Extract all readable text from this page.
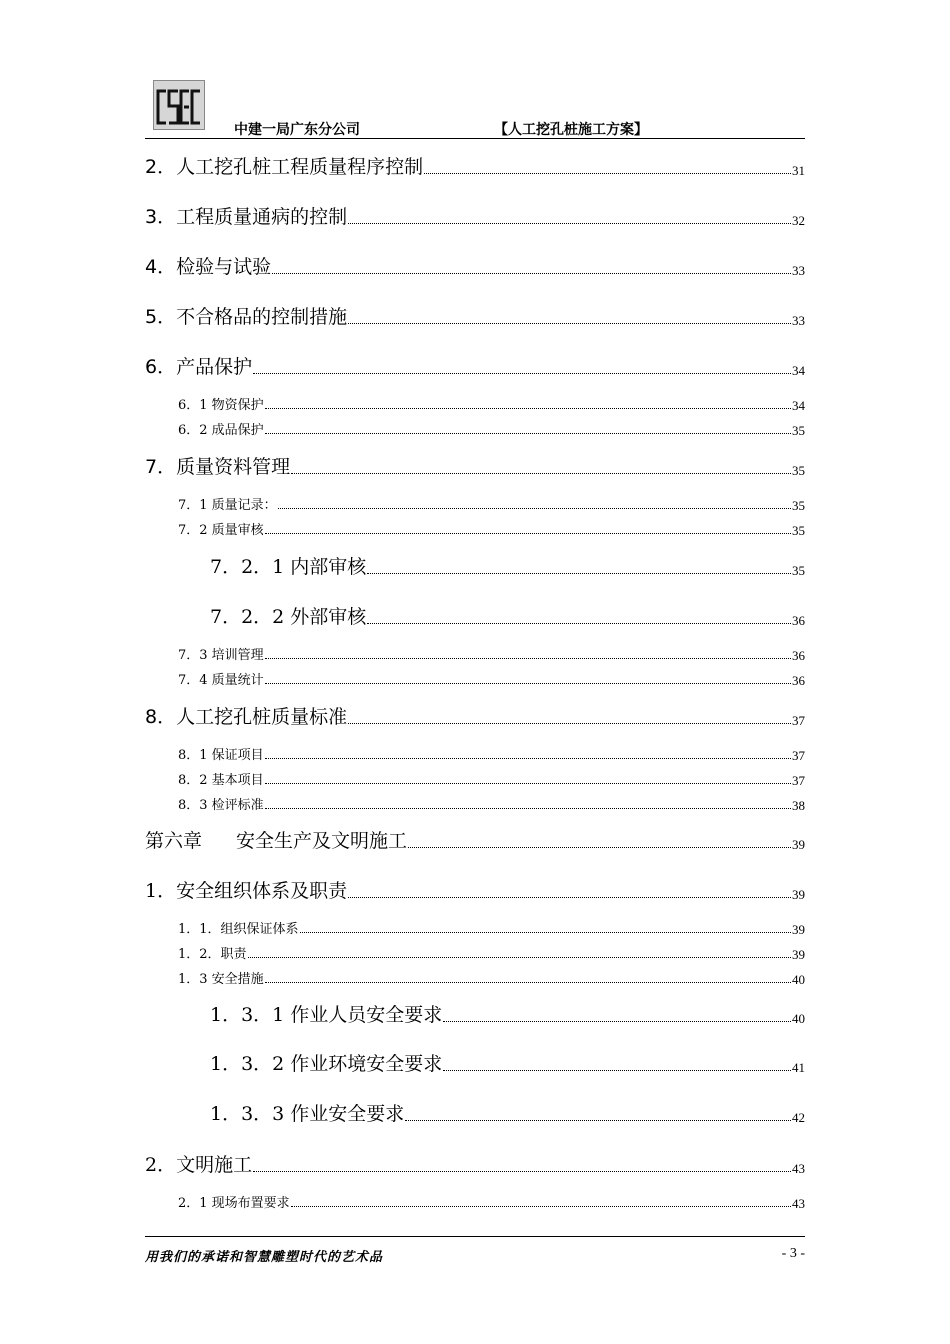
中建一局广东分公司	【人工挖孔桩施工方案】
2．人工挖孔桩工程质量程序控制	31
3．工程质量通病的控制	32
4．检验与试验	33
5．不合格品的控制措施	33
6．产品保护	34
6．1 物资保护	34
6．2 成品保护	35
7．质量资料管理	35
7．1 质量记录：	35
7．2 质量审核	35
7．2．1 内部审核	35
7．2．2 外部审核	36
7．3 培训管理	36
7．4 质量统计	36
8．人工挖孔桩质量标准	37
8．1 保证项目	37
8．2 基本项目	37
8．3 检评标准	38
第六章 安全生产及文明施工	39
1．安全组织体系及职责	39
1．1．组织保证体系	39
1．2．职责	39
1．3 安全措施	40
1．3．1 作业人员安全要求	40
1．3．2 作业环境安全要求	41
1．3．3 作业安全要求	42
2．文明施工	43
2．1 现场布置要求	43
用我们的承诺和智慧雕塑时代的艺术品	- 3 -
